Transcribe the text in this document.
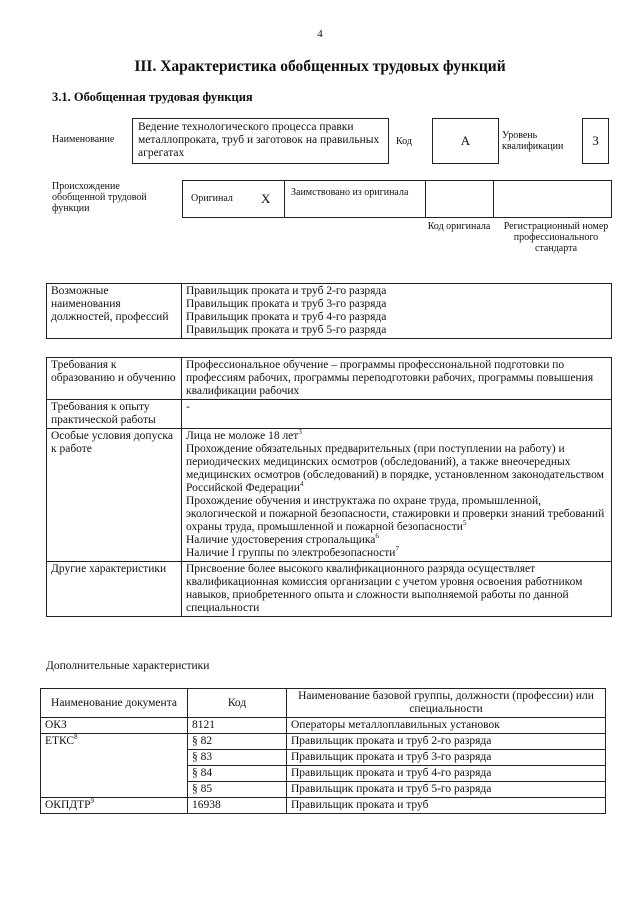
4
III. Характеристика обобщенных трудовых функций
3.1. Обобщенная трудовая функция
Наименование
Ведение технологического процесса правки металлопроката, труб и заготовок на правильных агрегатах
Код	А	Уровень квалификации	3
Происхождение обобщенной трудовой функции
Оригинал Х Заимствовано из оригинала
Код оригинала	Регистрационный номер профессионального стандарта
Возможные наименования должностей, профессий	
Правильщик проката и труб 2-го разряда
Правильщик проката и труб 3-го разряда
Правильщик проката и труб 4-го разряда
Правильщик проката и труб 5-го разряда
Требования к образованию и обучению	Профессиональное обучение – программы профессиональной подготовки по профессиям рабочих, программы переподготовки рабочих, программы повышения квалификации рабочих
Требования к опыту практической работы	-
Особые условия допуска к работе	Лица не моложе 18 лет$^3$
Прохождение обязательных предварительных (при поступлении на работу) и периодических медицинских осмотров (обследований), а также внеочередных медицинских осмотров (обследований) в порядке, установленном законодательством Российской Федерации$^4$
Прохождение обучения и инструктажа по охране труда, промышленной, экологической и пожарной безопасности, стажировки и проверки знаний требований охраны труда, промышленной и пожарной безопасности$^5$
Наличие удостоверения стропальщика$^6$
Наличие I группы по электробезопасности$^7$

Другие характеристики	Присвоение более высокого квалификационного разряда осуществляет квалификационная комиссия организации с учетом уровня освоения работником навыков, приобретенного опыта и сложности выполняемой работы по данной специальности
Дополнительные характеристики
Наименование документа	Код	Наименование базовой группы, должности (профессии) или специальности
ОКЗ	8121	Операторы металлоплавильных установок
ЕТКС$^8$	§ 82	Правильщик проката и труб 2-го разряда
	§ 83	Правильщик проката и труб 3-го разряда
	§ 84	Правильщик проката и труб 4-го разряда
	§ 85	Правильщик проката и труб 5-го разряда
ОКПДТР$^9$	16938	Правильщик проката и труб
